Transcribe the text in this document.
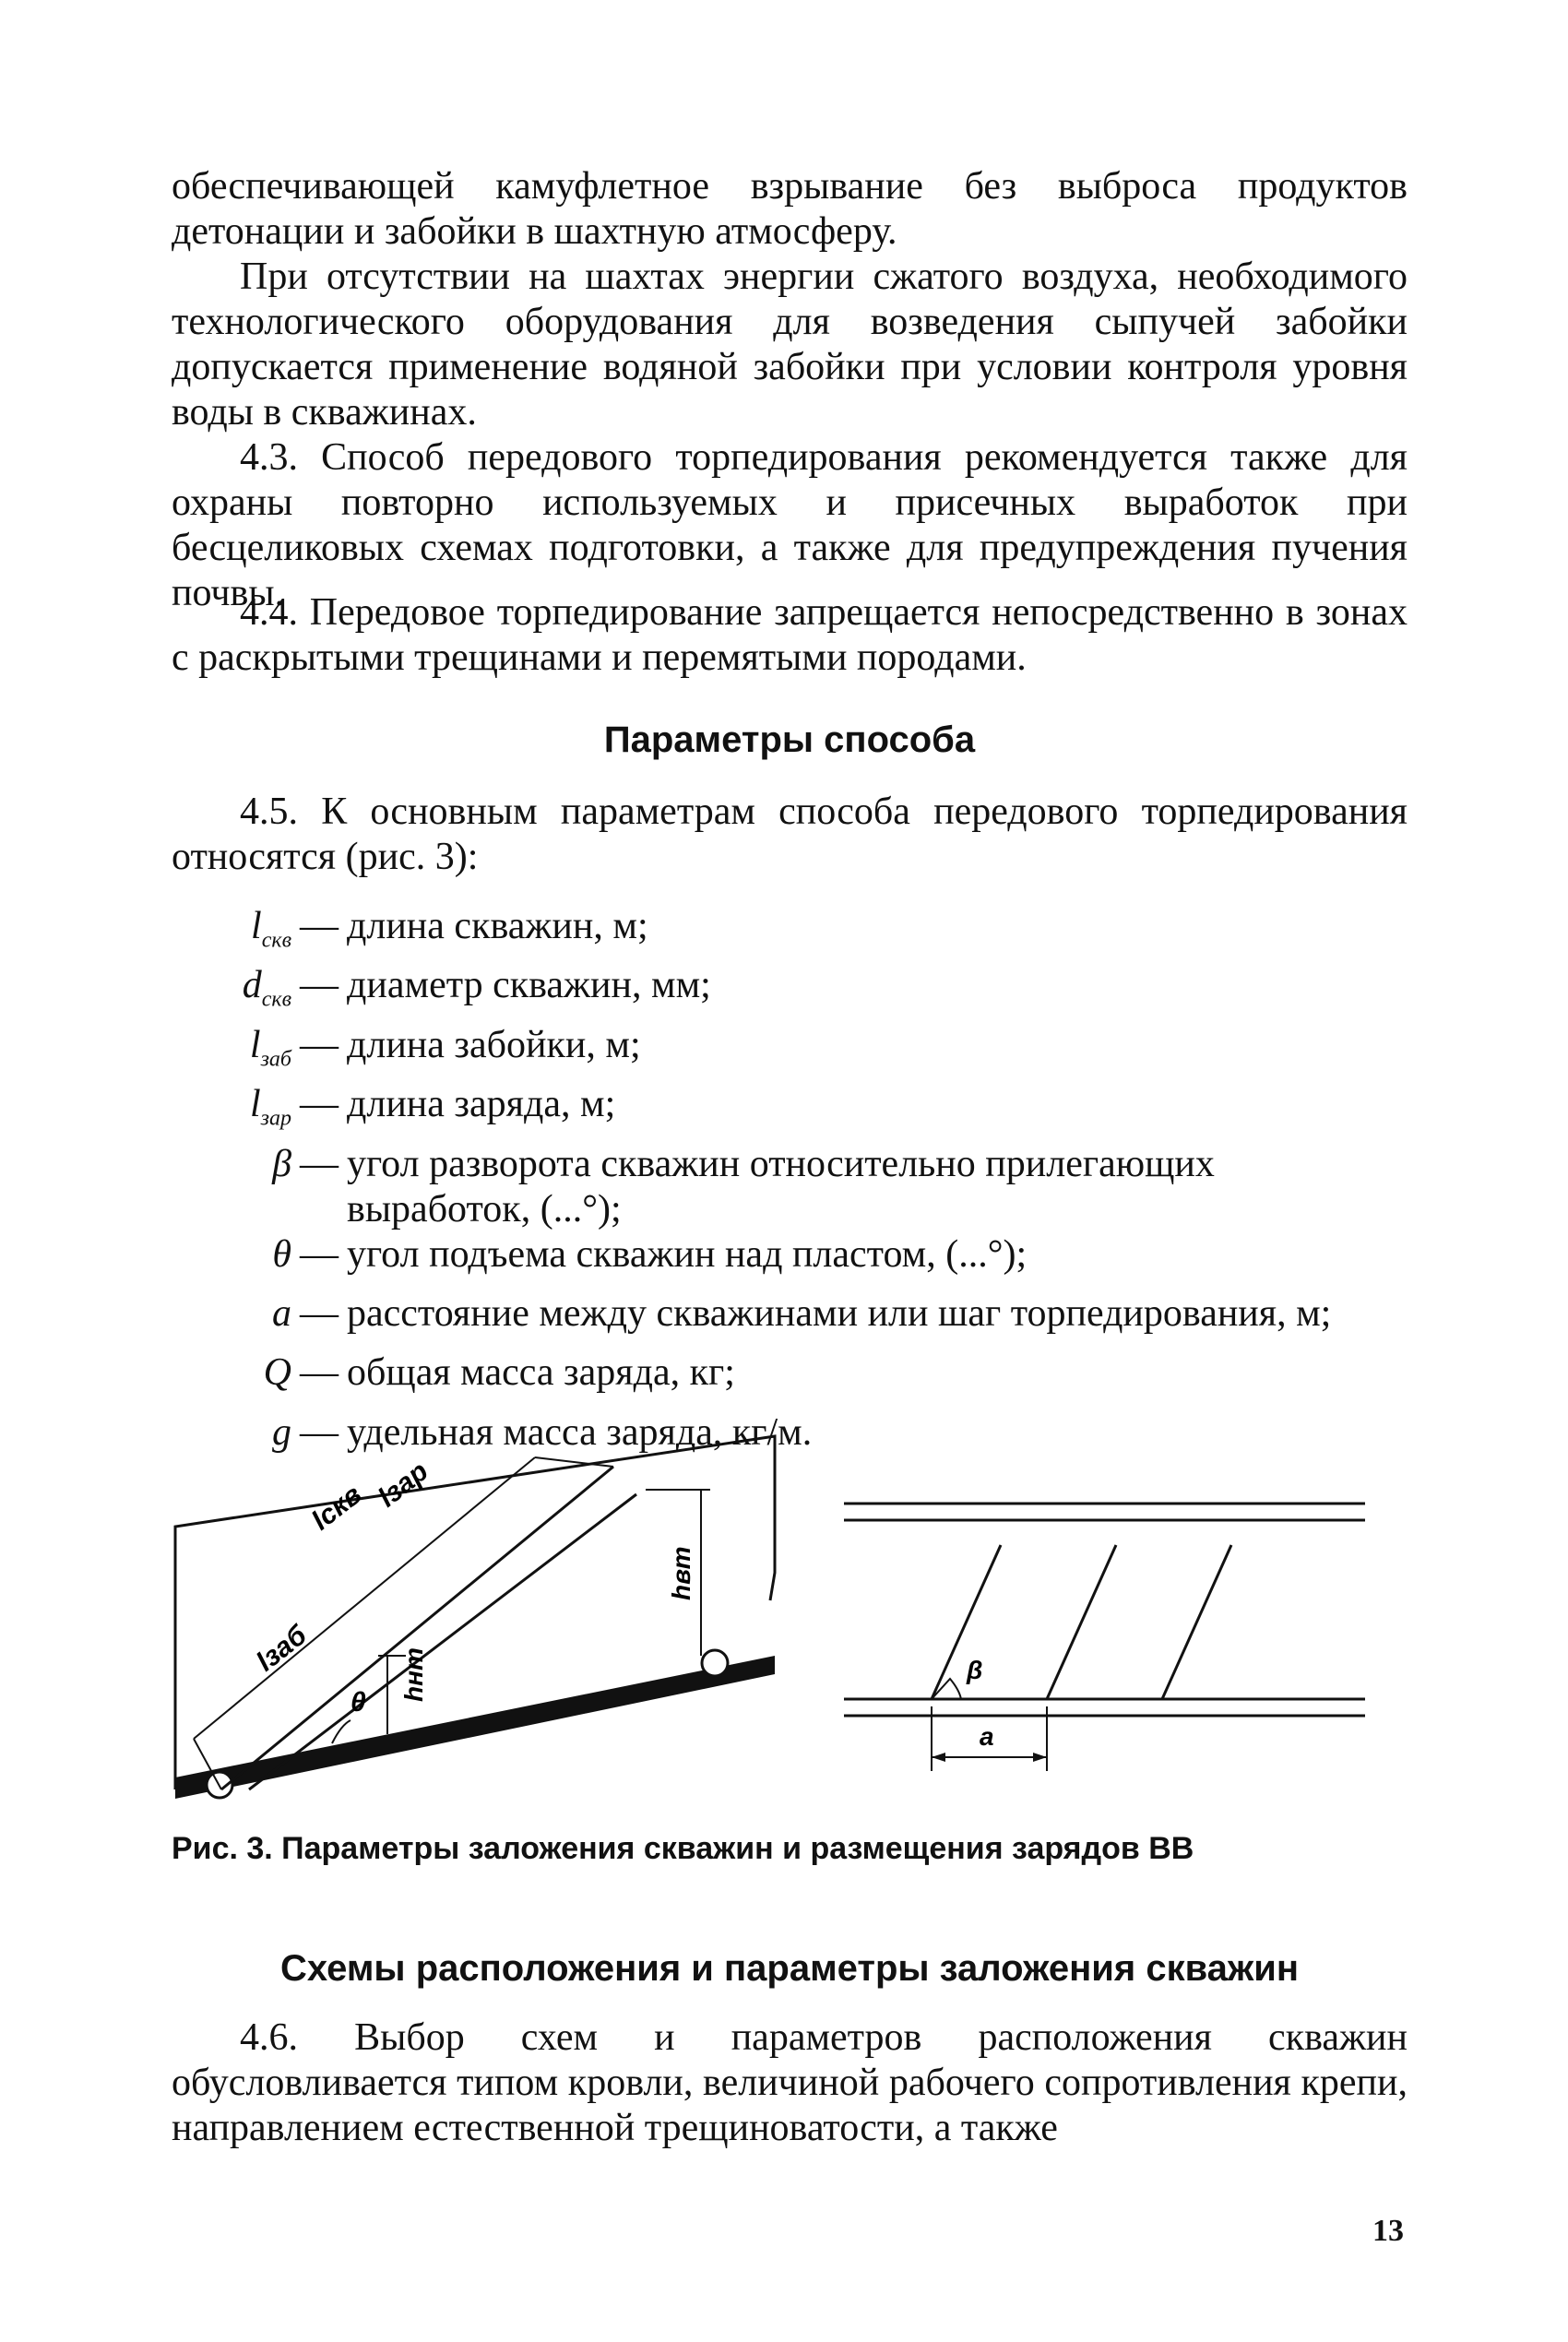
обеспечивающей камуфлетное взрывание без выброса продуктов детонации и забойки в шахтную атмосферу.

При отсутствии на шахтах энергии сжатого воздуха, необходимого технологического оборудования для возведения сыпучей забойки допускается применение водяной забойки при условии контроля уровня воды в скважинах.

4.3. Способ передового торпедирования рекомендуется также для охраны повторно используемых и присечных выработок при бесцеликовых схемах подготовки, а также для предупреждения пучения почвы.

4.4. Передовое торпедирование запрещается непосредственно в зонах с раскрытыми трещинами и перемятыми породами.

Параметры способа

4.5. К основным параметрам способа передового торпедирования относятся (рис. 3):

$l_{скв}$ — длина скважин, м;
$d_{скв}$ — диаметр скважин, мм;
$l_{заб}$ — длина забойки, м;
$l_{зар}$ — длина заряда, м;
β — угол разворота скважин относительно прилегающих выработок, (...°);
θ — угол подъема скважин над пластом, (...°);
a — расстояние между скважинами или шаг торпедирования, м;
Q — общая масса заряда, кг;
g — удельная масса заряда, кг/м.
lскв lзар
lзаб
θ
hнт
hвт
β
a

Рис. 3. Параметры заложения скважин и размещения зарядов ВВ

Схемы расположения и параметры заложения скважин

4.6. Выбор схем и параметров расположения скважин обусловливается типом кровли, величиной рабочего сопротивления крепи, направлением естественной трещиноватости, а также

13
